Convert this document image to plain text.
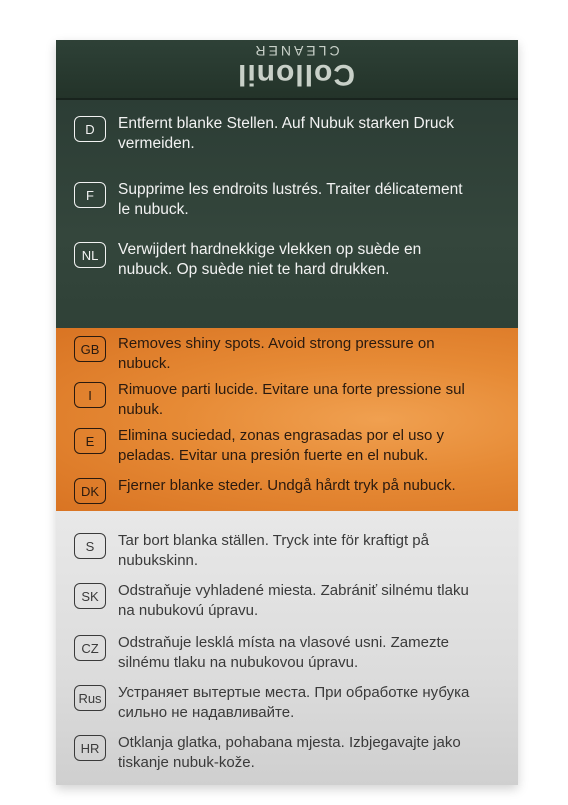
Collonil
CLEANER
D	Entfernt blanke Stellen. Auf Nubuk starken Druck vermeiden.
F	Supprime les endroits lustrés. Traiter délicatement le nubuck.
NL	Verwijdert hardnekkige vlekken op suède en nubuck. Op suède niet te hard drukken.
GB	Removes shiny spots. Avoid strong pressure on nubuck.
I	Rimuove parti lucide. Evitare una forte pressione sul nubuk.
E	Elimina suciedad, zonas engrasadas por el uso y peladas. Evitar una presión fuerte en el nubuk.
DK	Fjerner blanke steder. Undgå hårdt tryk på nubuck.
S	Tar bort blanka ställen. Tryck inte för kraftigt på nubukskinn.
SK	Odstraňuje vyhladené miesta. Zabrániť silnému tlaku na nubukovú úpravu.
CZ	Odstraňuje lesklá místa na vlasové usni. Zamezte silnému tlaku na nubukovou úpravu.
Rus Устраняет вытертые места. При обработке нубука сильно не надавливайте.
HR	Otklanja glatka, pohabana mjesta. Izbjegavajte jako tiskanje nubuk-kože.
